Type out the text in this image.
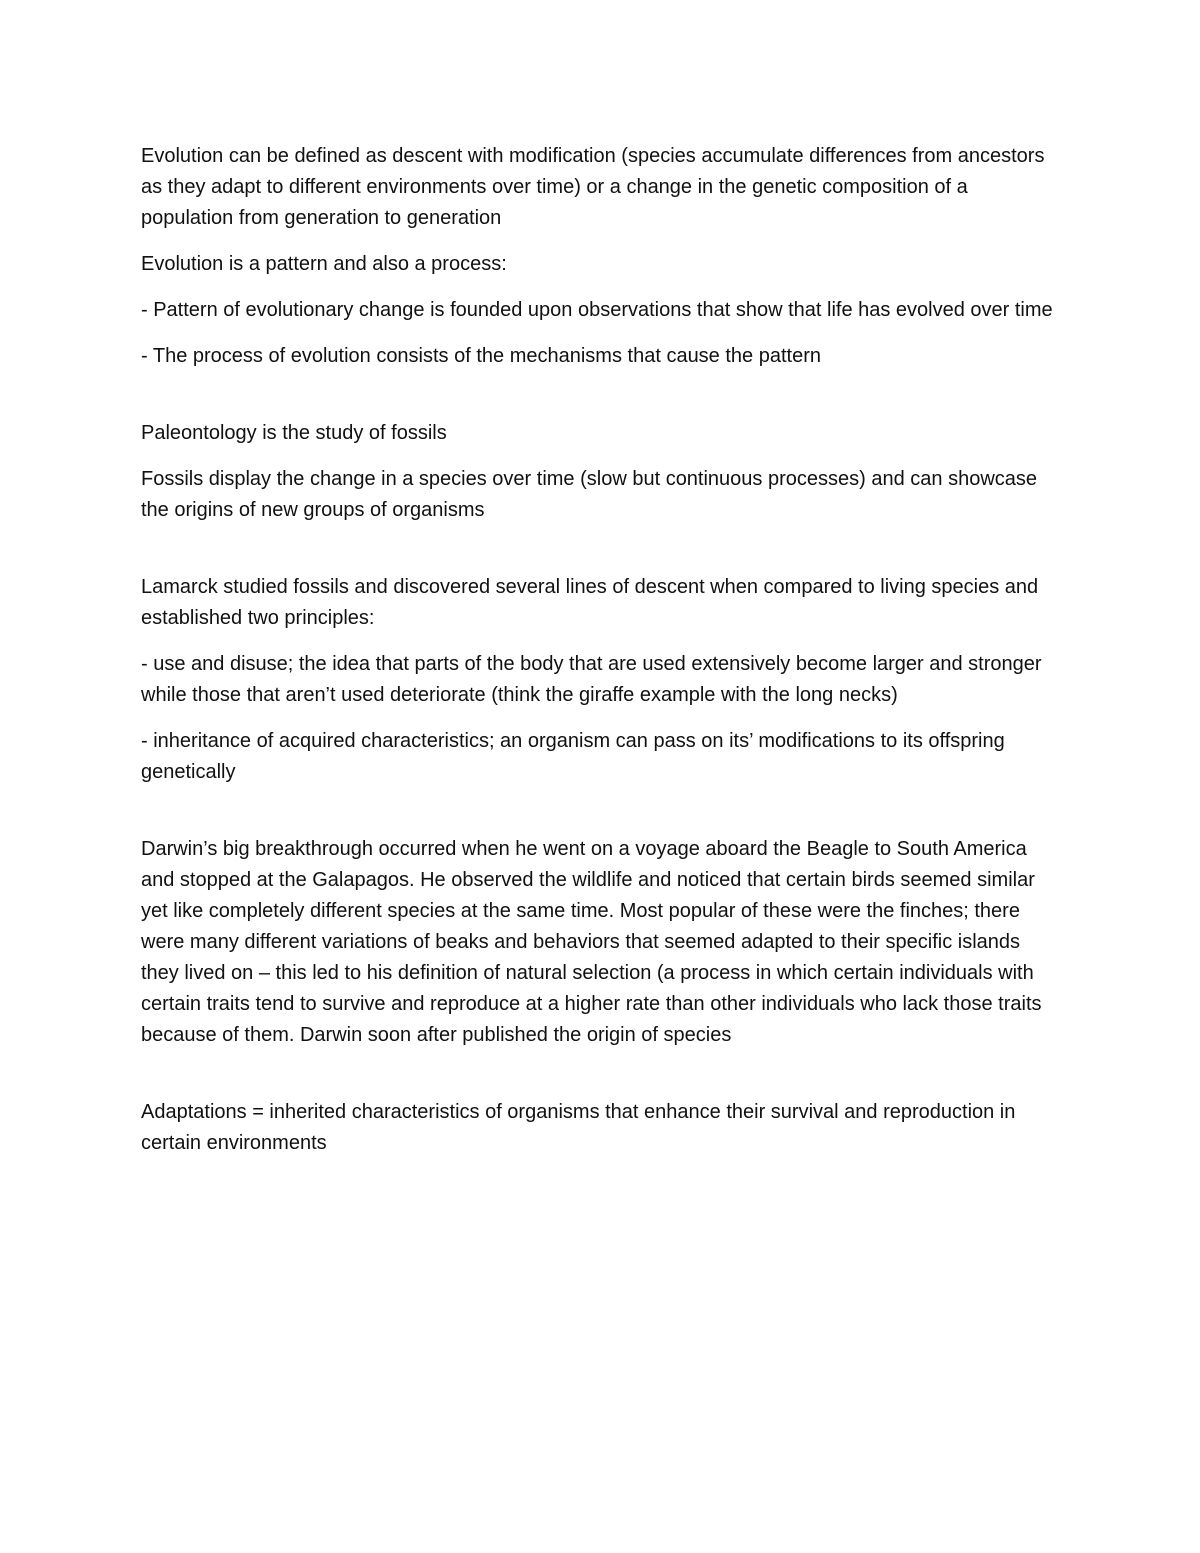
Evolution can be defined as descent with modification (species accumulate differences from ancestors as they adapt to different environments over time) or a change in the genetic composition of a population from generation to generation

Evolution is a pattern and also a process:

- Pattern of evolutionary change is founded upon observations that show that life has evolved over time

- The process of evolution consists of the mechanisms that cause the pattern

Paleontology is the study of fossils

Fossils display the change in a species over time (slow but continuous processes) and can showcase the origins of new groups of organisms

Lamarck studied fossils and discovered several lines of descent when compared to living species and established two principles:

- use and disuse; the idea that parts of the body that are used extensively become larger and stronger while those that aren’t used deteriorate (think the giraffe example with the long necks)

- inheritance of acquired characteristics; an organism can pass on its’ modifications to its offspring genetically

Darwin’s big breakthrough occurred when he went on a voyage aboard the Beagle to South America and stopped at the Galapagos. He observed the wildlife and noticed that certain birds seemed similar yet like completely different species at the same time. Most popular of these were the finches; there were many different variations of beaks and behaviors that seemed adapted to their specific islands they lived on – this led to his definition of natural selection (a process in which certain individuals with certain traits tend to survive and reproduce at a higher rate than other individuals who lack those traits because of them. Darwin soon after published the origin of species

Adaptations = inherited characteristics of organisms that enhance their survival and reproduction in certain environments
